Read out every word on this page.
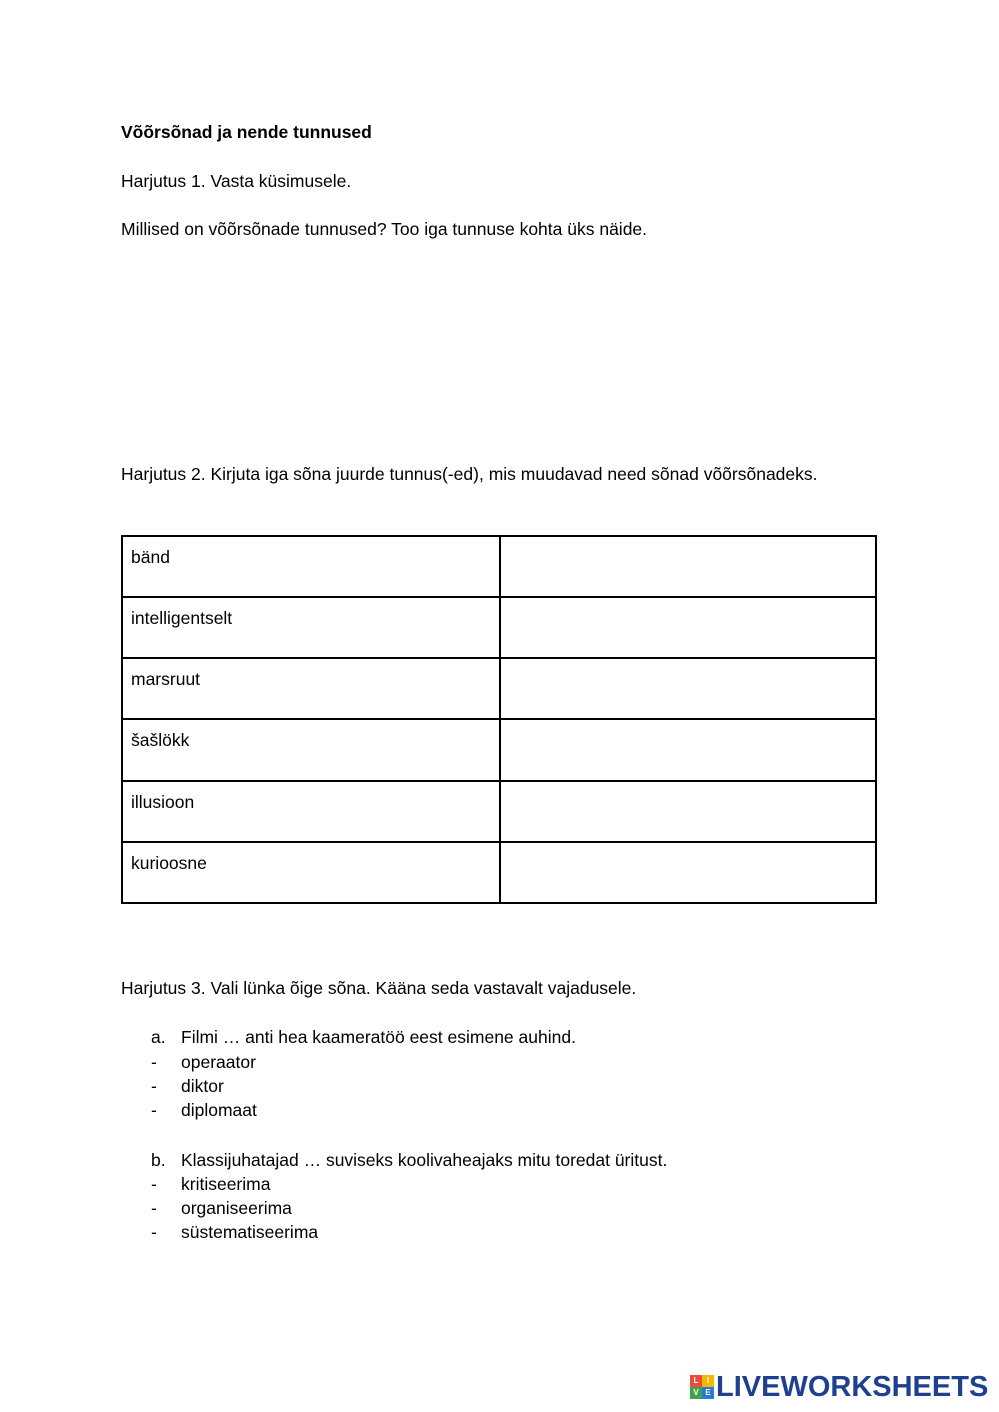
Võõrsõnad ja nende tunnused
Harjutus 1. Vasta küsimusele.
Millised on võõrsõnade tunnused? Too iga tunnuse kohta üks näide.
Harjutus 2. Kirjuta iga sõna juurde tunnus(-ed), mis muudavad need sõnad võõrsõnadeks.
bänd	
intelligentselt	
marsruut	
šašlökk	
illusioon	
kurioosne	
Harjutus 3. Vali lünka õige sõna. Käänа seda vastavalt vajadusele.
a. Filmi … anti hea kaameratöö eest esimene auhind.
- operaator
- diktor
- diplomaat
b. Klassijuhatajad … suviseks koolivaheajaks mitu toredat üritust.
- kritiseerima
- organiseerima
- süstematiseerima
L	I
V E LIVEWORKSHEETS
